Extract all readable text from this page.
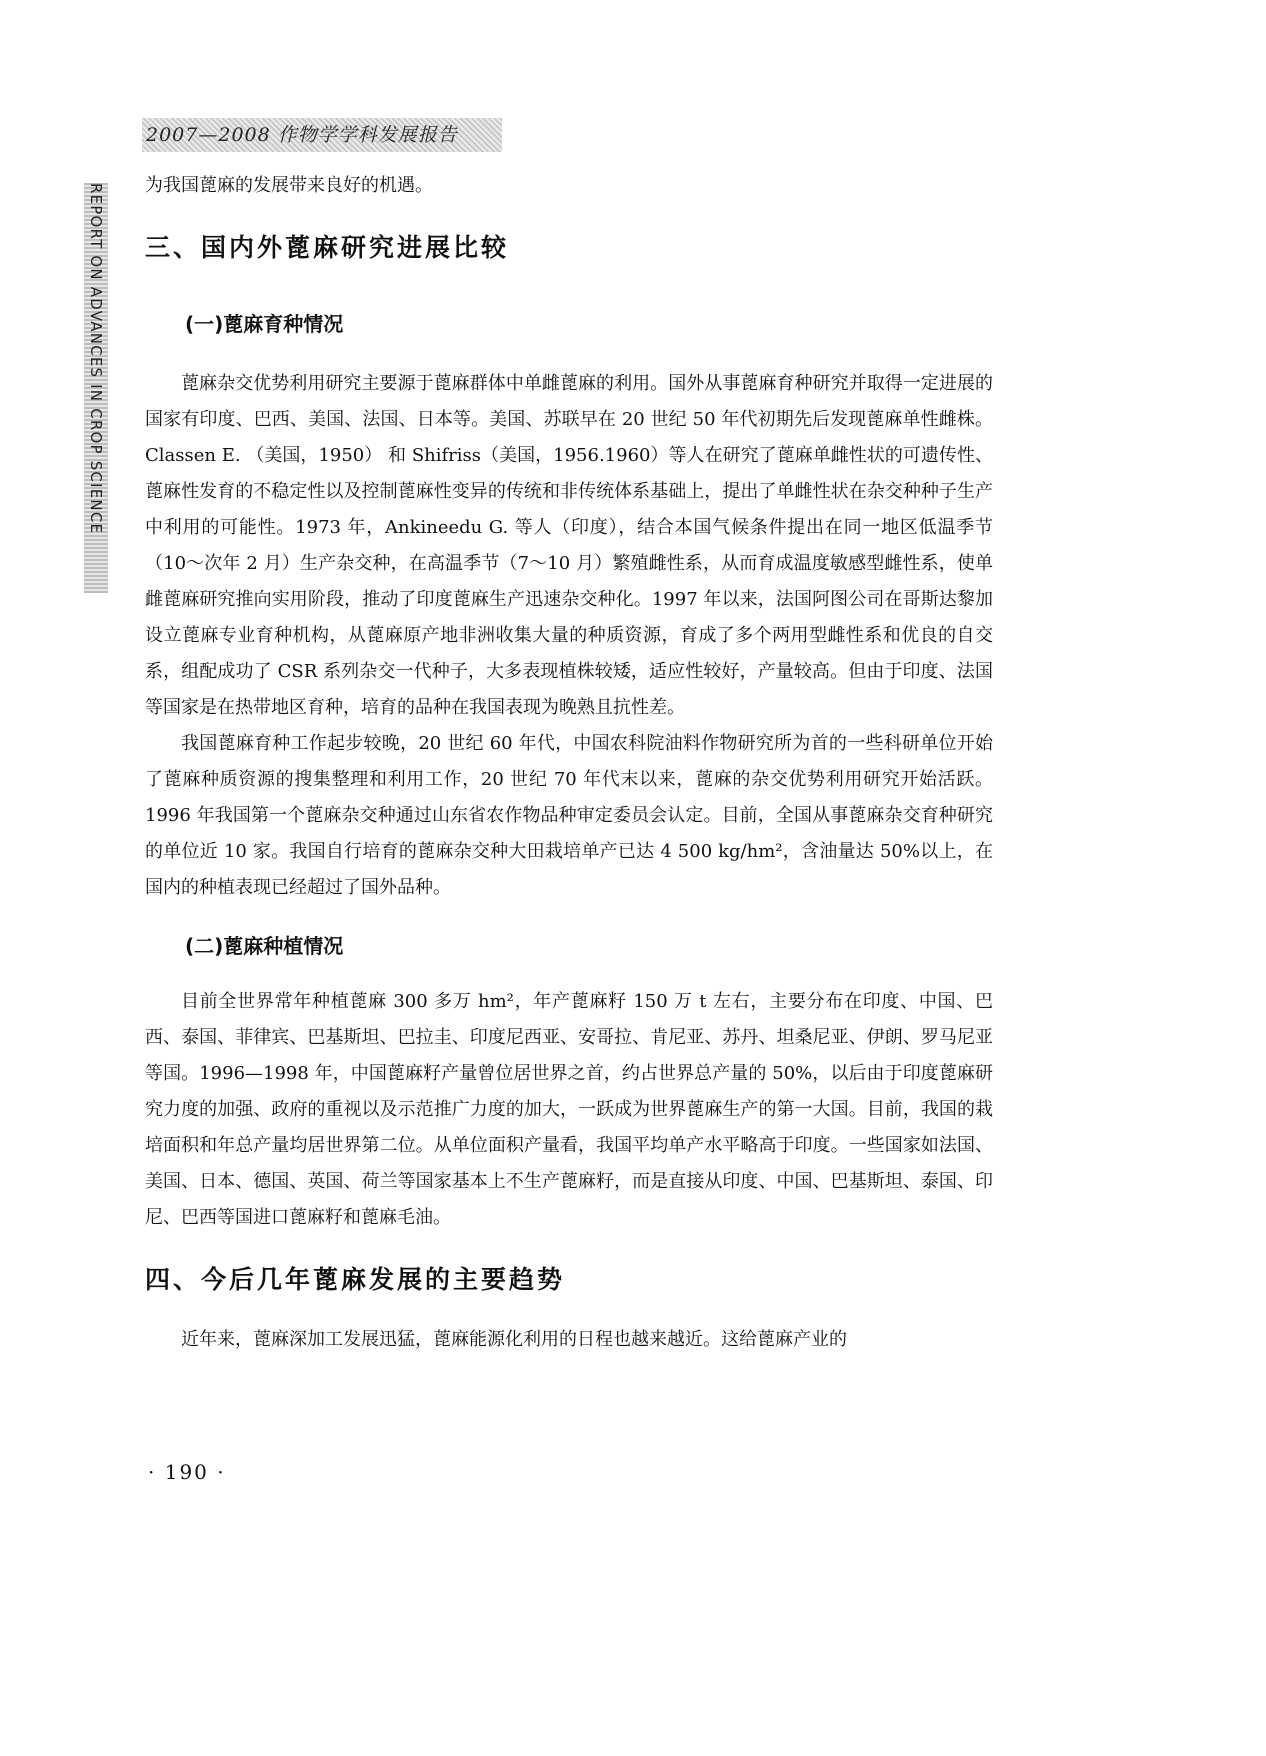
2007—2008 作物学学科发展报告
REPORT ON ADVANCES IN CROP SCIENCE 为我国蓖麻的发展带来良好的机遇。

三、国内外蓖麻研究进展比较
(一)蓖麻育种情况

蓖麻杂交优势利用研究主要源于蓖麻群体中单雌蓖麻的利用。国外从事蓖麻育种研究并取得一定进展的国家有印度、巴西、美国、法国、日本等。美国、苏联早在 20 世纪 50 年代初期先后发现蓖麻单性雌株。Classen E. （美国，1950） 和 Shifriss（美国，1956.1960）等人在研究了蓖麻单雌性状的可遗传性、蓖麻性发育的不稳定性以及控制蓖麻性变异的传统和非传统体系基础上，提出了单雌性状在杂交种种子生产中利用的可能性。1973 年，Ankineedu G. 等人（印度），结合本国气候条件提出在同一地区低温季节（10～次年 2 月）生产杂交种，在高温季节（7～10 月）繁殖雌性系，从而育成温度敏感型雌性系，使单雌蓖麻研究推向实用阶段，推动了印度蓖麻生产迅速杂交种化。1997 年以来，法国阿图公司在哥斯达黎加设立蓖麻专业育种机构，从蓖麻原产地非洲收集大量的种质资源，育成了多个两用型雌性系和优良的自交系，组配成功了 CSR 系列杂交一代种子，大多表现植株较矮，适应性较好，产量较高。但由于印度、法国等国家是在热带地区育种，培育的品种在我国表现为晚熟且抗性差。

我国蓖麻育种工作起步较晚，20 世纪 60 年代，中国农科院油料作物研究所为首的一些科研单位开始了蓖麻种质资源的搜集整理和利用工作，20 世纪 70 年代末以来，蓖麻的杂交优势利用研究开始活跃。1996 年我国第一个蓖麻杂交种通过山东省农作物品种审定委员会认定。目前，全国从事蓖麻杂交育种研究的单位近 10 家。我国自行培育的蓖麻杂交种大田栽培单产已达 4 500 kg/hm²，含油量达 50%以上，在国内的种植表现已经超过了国外品种。

(二)蓖麻种植情况

目前全世界常年种植蓖麻 300 多万 hm²，年产蓖麻籽 150 万 t 左右，主要分布在印度、中国、巴西、泰国、菲律宾、巴基斯坦、巴拉圭、印度尼西亚、安哥拉、肯尼亚、苏丹、坦桑尼亚、伊朗、罗马尼亚等国。1996—1998 年，中国蓖麻籽产量曾位居世界之首，约占世界总产量的 50%，以后由于印度蓖麻研究力度的加强、政府的重视以及示范推广力度的加大，一跃成为世界蓖麻生产的第一大国。目前，我国的栽培面积和年总产量均居世界第二位。从单位面积产量看，我国平均单产水平略高于印度。一些国家如法国、美国、日本、德国、英国、荷兰等国家基本上不生产蓖麻籽，而是直接从印度、中国、巴基斯坦、泰国、印尼、巴西等国进口蓖麻籽和蓖麻毛油。

四、今后几年蓖麻发展的主要趋势

近年来，蓖麻深加工发展迅猛，蓖麻能源化利用的日程也越来越近。这给蓖麻产业的

· 190 ·
